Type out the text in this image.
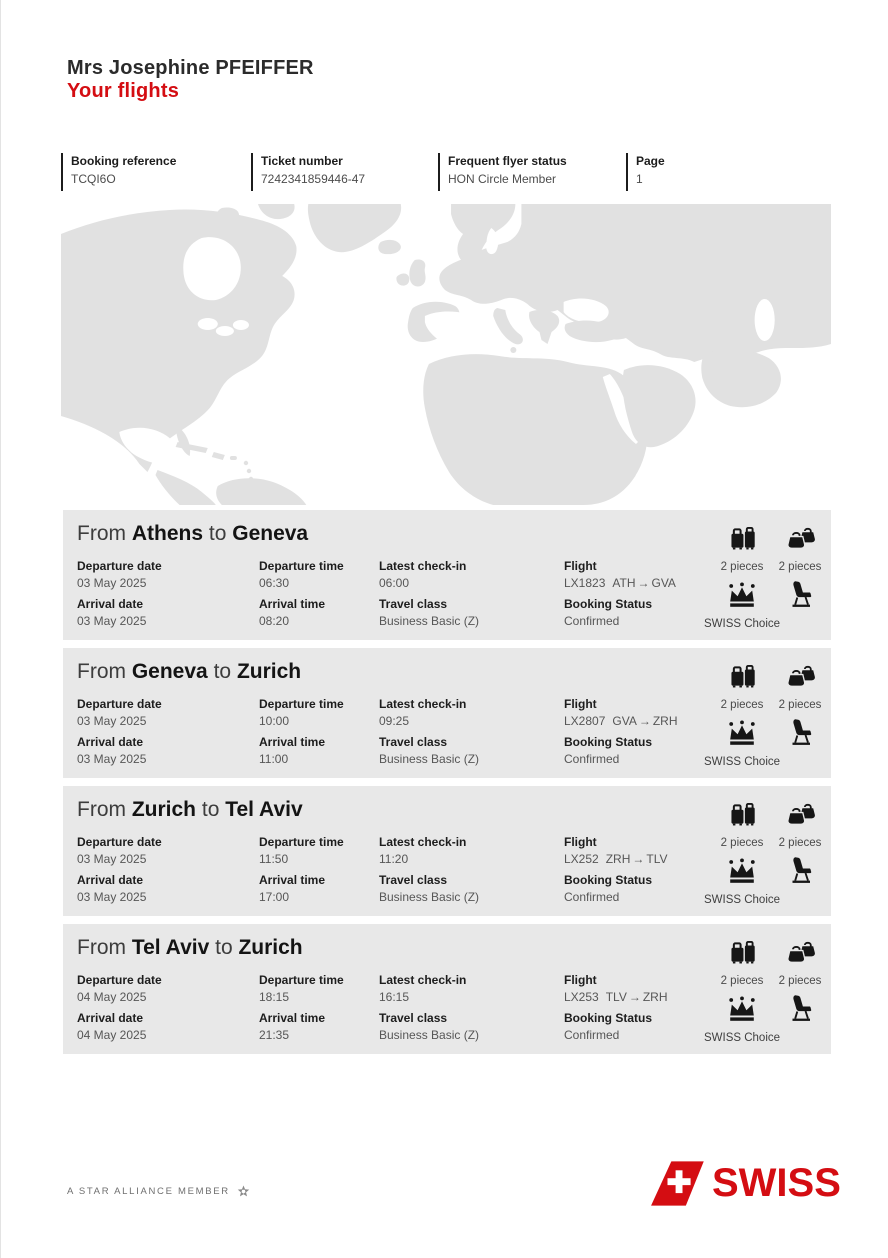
Mrs Josephine PFEIFFER
Your flights
Booking reference
TCQI6O
Ticket number
7242341859446-47
Frequent flyer status
HON Circle Member
Page
1
From Athens to Geneva
Departure date
03 May 2025
Departure time
06:30
Latest check-in
06:00
Flight
LX1823 ATH → GVA
Arrival date
03 May 2025
Arrival time
08:20
Travel class
Business Basic (Z)
Booking Status
Confirmed
2 pieces	2 pieces
SWISS Choice
From Geneva to Zurich
Departure date
03 May 2025
Departure time
10:00
Latest check-in
09:25
Flight
LX2807 GVA → ZRH
Arrival date
03 May 2025
Arrival time
11:00
Travel class
Business Basic (Z)
Booking Status
Confirmed
2 pieces	2 pieces
SWISS Choice
From Zurich to Tel Aviv
Departure date
03 May 2025
Departure time
11:50
Latest check-in
11:20
Flight
LX252 ZRH → TLV
Arrival date
03 May 2025
Arrival time
17:00
Travel class
Business Basic (Z)
Booking Status
Confirmed
2 pieces	2 pieces
SWISS Choice
From Tel Aviv to Zurich
Departure date
04 May 2025
Departure time
18:15
Latest check-in
16:15
Flight
LX253 TLV → ZRH
Arrival date
04 May 2025
Arrival time
21:35
Travel class
Business Basic (Z)
Booking Status
Confirmed
2 pieces	2 pieces
SWISS Choice
A STAR ALLIANCE MEMBER	SWISS
